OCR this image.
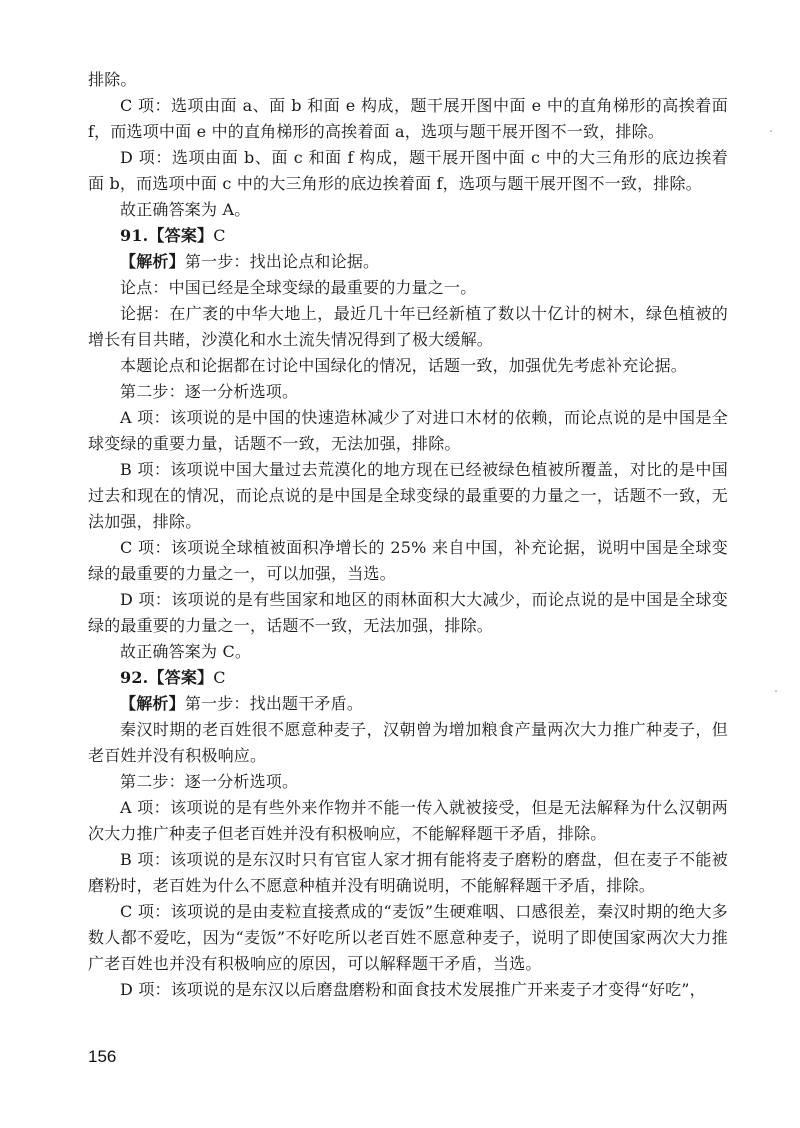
排除。

C 项：选项由面 a、面 b 和面 e 构成，题干展开图中面 e 中的直角梯形的高挨着面 f，而选项中面 e 中的直角梯形的高挨着面 a，选项与题干展开图不一致，排除。

D 项：选项由面 b、面 c 和面 f 构成，题干展开图中面 c 中的大三角形的底边挨着面 b，而选项中面 c 中的大三角形的底边挨着面 f，选项与题干展开图不一致，排除。

故正确答案为 A。

91.【答案】C

【解析】第一步：找出论点和论据。

论点：中国已经是全球变绿的最重要的力量之一。

论据：在广袤的中华大地上，最近几十年已经新植了数以十亿计的树木，绿色植被的增长有目共睹，沙漠化和水土流失情况得到了极大缓解。

本题论点和论据都在讨论中国绿化的情况，话题一致，加强优先考虑补充论据。

第二步：逐一分析选项。

A 项：该项说的是中国的快速造林减少了对进口木材的依赖，而论点说的是中国是全球变绿的重要力量，话题不一致，无法加强，排除。

B 项：该项说中国大量过去荒漠化的地方现在已经被绿色植被所覆盖，对比的是中国过去和现在的情况，而论点说的是中国是全球变绿的最重要的力量之一，话题不一致，无法加强，排除。

C 项：该项说全球植被面积净增长的 25% 来自中国，补充论据，说明中国是全球变绿的最重要的力量之一，可以加强，当选。

D 项：该项说的是有些国家和地区的雨林面积大大减少，而论点说的是中国是全球变绿的最重要的力量之一，话题不一致，无法加强，排除。

故正确答案为 C。

92.【答案】C

【解析】第一步：找出题干矛盾。

秦汉时期的老百姓很不愿意种麦子，汉朝曾为增加粮食产量两次大力推广种麦子，但老百姓并没有积极响应。

第二步：逐一分析选项。

A 项：该项说的是有些外来作物并不能一传入就被接受，但是无法解释为什么汉朝两次大力推广种麦子但老百姓并没有积极响应，不能解释题干矛盾，排除。

B 项：该项说的是东汉时只有官宦人家才拥有能将麦子磨粉的磨盘，但在麦子不能被磨粉时，老百姓为什么不愿意种植并没有明确说明，不能解释题干矛盾，排除。

C 项：该项说的是由麦粒直接煮成的“麦饭”生硬难咽、口感很差，秦汉时期的绝大多数人都不爱吃，因为“麦饭”不好吃所以老百姓不愿意种麦子，说明了即使国家两次大力推广老百姓也并没有积极响应的原因，可以解释题干矛盾，当选。

D 项：该项说的是东汉以后磨盘磨粉和面食技术发展推广开来麦子才变得“好吃”，

156
